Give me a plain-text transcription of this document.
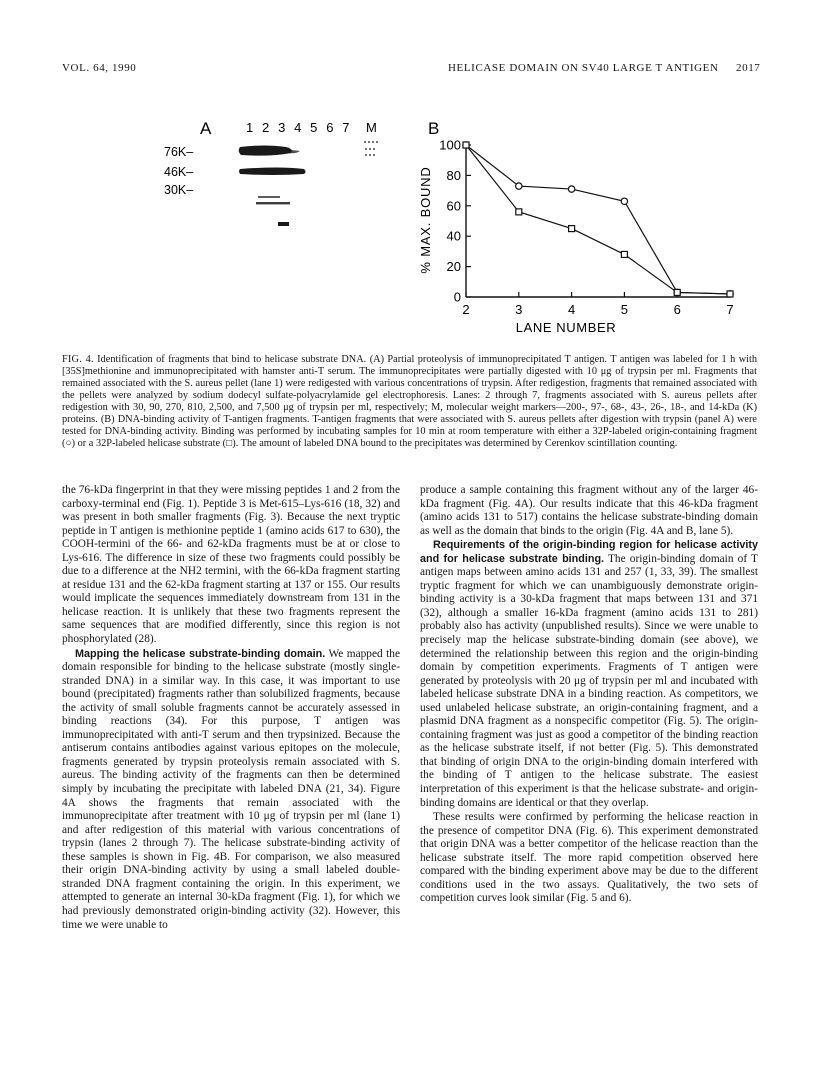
VOL. 64, 1990	HELICASE DOMAIN ON SV40 LARGE T ANTIGEN 2017
A	1 2 3 4 5 6 7 M
76K–
46K–
30K–
B
0
20
40
60
80
100
2	3	4	5	6	7
LANE NUMBER
% MAX. BOUND
FIG. 4. Identification of fragments that bind to helicase substrate DNA. (A) Partial proteolysis of immunoprecipitated T antigen. T antigen was labeled for 1 h with [35S]methionine and immunoprecipitated with hamster anti-T serum. The immunoprecipitates were partially digested with 10 μg of trypsin per ml. Fragments that remained associated with the S. aureus pellet (lane 1) were redigested with various concentrations of trypsin. After redigestion, fragments that remained associated with the pellets were analyzed by sodium dodecyl sulfate-polyacrylamide gel electrophoresis. Lanes: 2 through 7, fragments associated with S. aureus pellets after redigestion with 30, 90, 270, 810, 2,500, and 7,500 μg of trypsin per ml, respectively; M, molecular weight markers—200-, 97-, 68-, 43-, 26-, 18-, and 14-kDa (K) proteins. (B) DNA-binding activity of T-antigen fragments. T-antigen fragments that were associated with S. aureus pellets after digestion with trypsin (panel A) were tested for DNA-binding activity. Binding was performed by incubating samples for 10 min at room temperature with either a 32P-labeled origin-containing fragment (○) or a 32P-labeled helicase substrate (□). The amount of labeled DNA bound to the precipitates was determined by Cerenkov scintillation counting.

the 76-kDa fingerprint in that they were missing peptides 1 and 2 from the carboxy-terminal end (Fig. 1). Peptide 3 is Met-615–Lys-616 (18, 32) and was present in both smaller fragments (Fig. 3). Because the next tryptic peptide in T antigen is methionine peptide 1 (amino acids 617 to 630), the COOH-termini of the 66- and 62-kDa fragments must be at or close to Lys-616. The difference in size of these two fragments could possibly be due to a difference at the NH2 termini, with the 66-kDa fragment starting at residue 131 and the 62-kDa fragment starting at 137 or 155. Our results would implicate the sequences immediately downstream from 131 in the helicase reaction. It is unlikely that these two fragments represent the same sequences that are modified differently, since this region is not phosphorylated (28).

Mapping the helicase substrate-binding domain. We mapped the domain responsible for binding to the helicase substrate (mostly single-stranded DNA) in a similar way. In this case, it was important to use bound (precipitated) fragments rather than solubilized fragments, because the activity of small soluble fragments cannot be accurately assessed in binding reactions (34). For this purpose, T antigen was immunoprecipitated with anti-T serum and then trypsinized. Because the antiserum contains antibodies against various epitopes on the molecule, fragments generated by trypsin proteolysis remain associated with S. aureus. The binding activity of the fragments can then be determined simply by incubating the precipitate with labeled DNA (21, 34). Figure 4A shows the fragments that remain associated with the immunoprecipitate after treatment with 10 μg of trypsin per ml (lane 1) and after redigestion of this material with various concentrations of trypsin (lanes 2 through 7). The helicase substrate-binding activity of these samples is shown in Fig. 4B. For comparison, we also measured their origin DNA-binding activity by using a small labeled double-stranded DNA fragment containing the origin. In this experiment, we attempted to generate an internal 30-kDa fragment (Fig. 1), for which we had previously demonstrated origin-binding activity (32). However, this time we were unable to

produce a sample containing this fragment without any of the larger 46-kDa fragment (Fig. 4A). Our results indicate that this 46-kDa fragment (amino acids 131 to 517) contains the helicase substrate-binding domain as well as the domain that binds to the origin (Fig. 4A and B, lane 5).

Requirements of the origin-binding region for helicase activity and for helicase substrate binding. The origin-binding domain of T antigen maps between amino acids 131 and 257 (1, 33, 39). The smallest tryptic fragment for which we can unambiguously demonstrate origin-binding activity is a 30-kDa fragment that maps between 131 and 371 (32), although a smaller 16-kDa fragment (amino acids 131 to 281) probably also has activity (unpublished results). Since we were unable to precisely map the helicase substrate-binding domain (see above), we determined the relationship between this region and the origin-binding domain by competition experiments. Fragments of T antigen were generated by proteolysis with 20 μg of trypsin per ml and incubated with labeled helicase substrate DNA in a binding reaction. As competitors, we used unlabeled helicase substrate, an origin-containing fragment, and a plasmid DNA fragment as a nonspecific competitor (Fig. 5). The origin-containing fragment was just as good a competitor of the binding reaction as the helicase substrate itself, if not better (Fig. 5). This demonstrated that binding of origin DNA to the origin-binding domain interfered with the binding of T antigen to the helicase substrate. The easiest interpretation of this experiment is that the helicase substrate- and origin-binding domains are identical or that they overlap.

These results were confirmed by performing the helicase reaction in the presence of competitor DNA (Fig. 6). This experiment demonstrated that origin DNA was a better competitor of the helicase reaction than the helicase substrate itself. The more rapid competition observed here compared with the binding experiment above may be due to the different conditions used in the two assays. Qualitatively, the two sets of competition curves look similar (Fig. 5 and 6).
